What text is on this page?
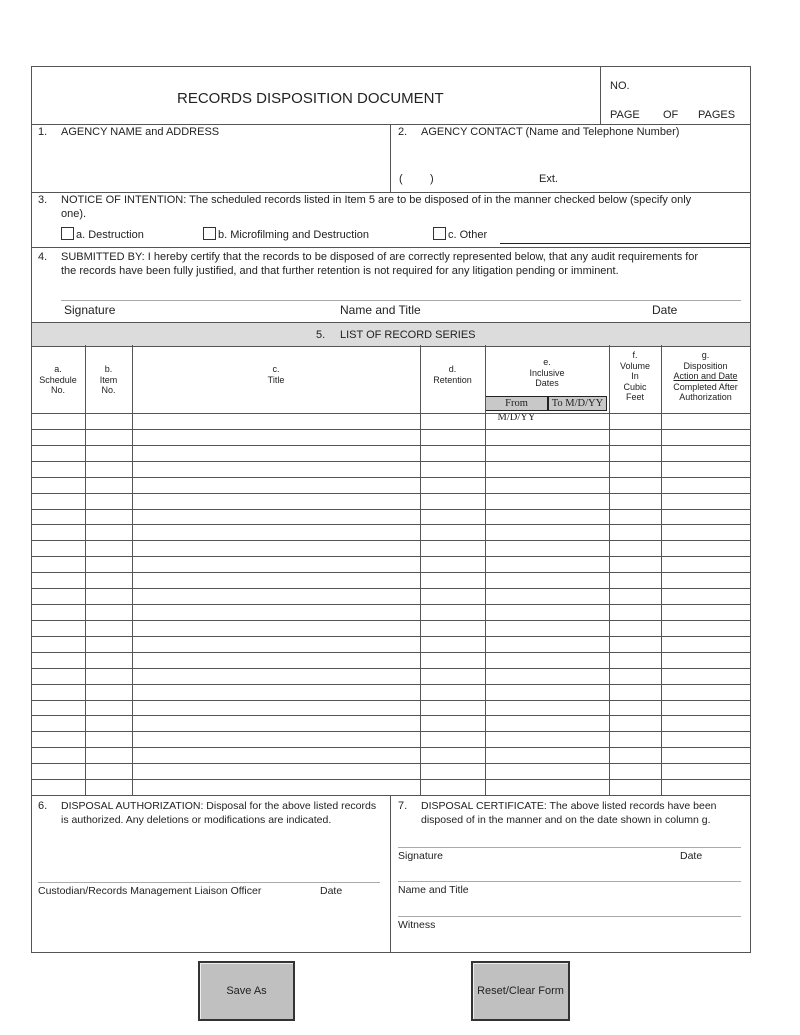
RECORDS DISPOSITION DOCUMENT
NO.
PAGE OF PAGES
1. AGENCY NAME and ADDRESS	2. AGENCY CONTACT (Name and Telephone Number)
( )	Ext.
3. NOTICE OF INTENTION: The scheduled records listed in Item 5 are to be disposed of in the manner checked below (specify only
one).
a. Destruction	b. Microfilming and Destruction	c. Other
4. SUBMITTED BY: I hereby certify that the records to be disposed of are correctly represented below, that any audit requirements for
the records have been fully justified, and that further retention is not required for any litigation pending or imminent.
Signature	Name and Title	Date
5. LIST OF RECORD SERIES
a.
Schedule
No.
b.
Item
No.
c.
Title
d.
Retention
e.
Inclusive
Dates
f.
Volume
In
Cubic
Feet
g.
Disposition
Action and Date
Completed After
Authorization
From M/D/YY
To M/D/YY
6. DISPOSAL AUTHORIZATION: Disposal for the above listed records
is authorized. Any deletions or modifications are indicated.
Custodian/Records Management Liaison Officer	Date
7. DISPOSAL CERTIFICATE: The above listed records have been
disposed of in the manner and on the date shown in column g.
Signature	Date
Name and Title
Witness
Save As	Reset/Clear Form
